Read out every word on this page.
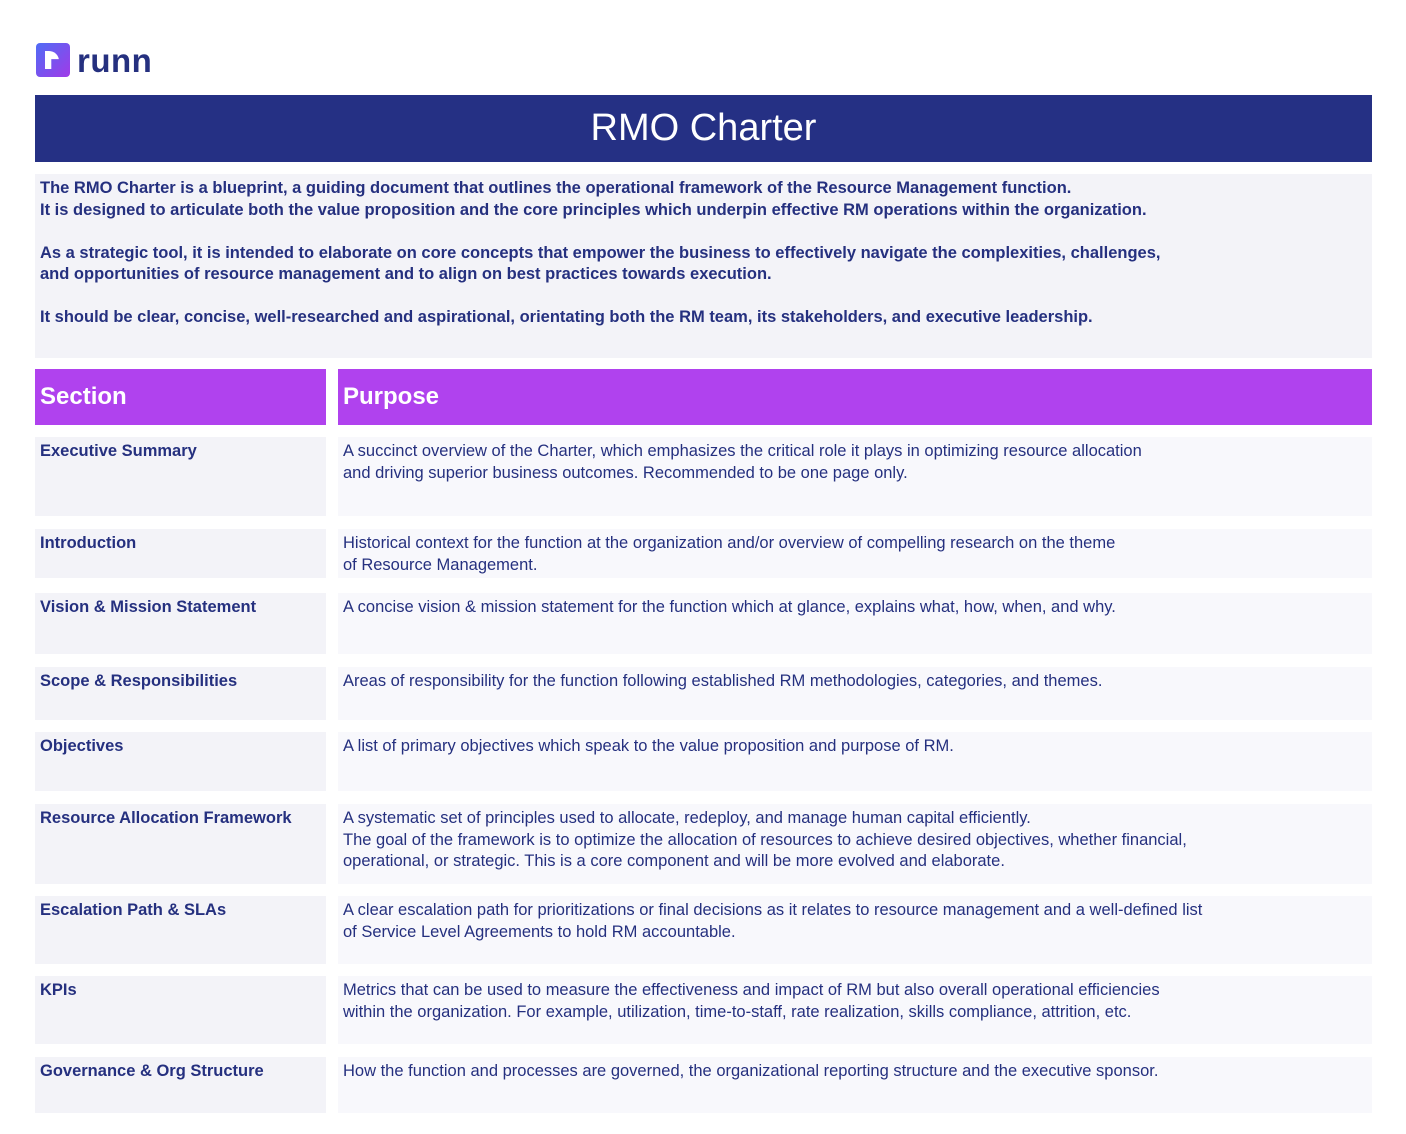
runn
RMO Charter
The RMO Charter is a blueprint, a guiding document that outlines the operational framework of the Resource Management function.
It is designed to articulate both the value proposition and the core principles which underpin effective RM operations within the organization.

As a strategic tool, it is intended to elaborate on core concepts that empower the business to effectively navigate the complexities, challenges,
and opportunities of resource management and to align on best practices towards execution.

It should be clear, concise, well-researched and aspirational, orientating both the RM team, its stakeholders, and executive leadership.
Section	Purpose
Executive Summary	A succinct overview of the Charter, which emphasizes the critical role it plays in optimizing resource allocation
and driving superior business outcomes. Recommended to be one page only.
Introduction	Historical context for the function at the organization and/or overview of compelling research on the theme
of Resource Management.
Vision & Mission Statement	A concise vision & mission statement for the function which at glance, explains what, how, when, and why.
Scope & Responsibilities	Areas of responsibility for the function following established RM methodologies, categories, and themes.
Objectives	A list of primary objectives which speak to the value proposition and purpose of RM.
Resource Allocation Framework	A systematic set of principles used to allocate, redeploy, and manage human capital efficiently.
The goal of the framework is to optimize the allocation of resources to achieve desired objectives, whether financial,
operational, or strategic. This is a core component and will be more evolved and elaborate.
Escalation Path & SLAs	A clear escalation path for prioritizations or final decisions as it relates to resource management and a well-defined list
of Service Level Agreements to hold RM accountable.
KPIs	Metrics that can be used to measure the effectiveness and impact of RM but also overall operational efficiencies
within the organization. For example, utilization, time-to-staff, rate realization, skills compliance, attrition, etc.
Governance & Org Structure	How the function and processes are governed, the organizational reporting structure and the executive sponsor.
